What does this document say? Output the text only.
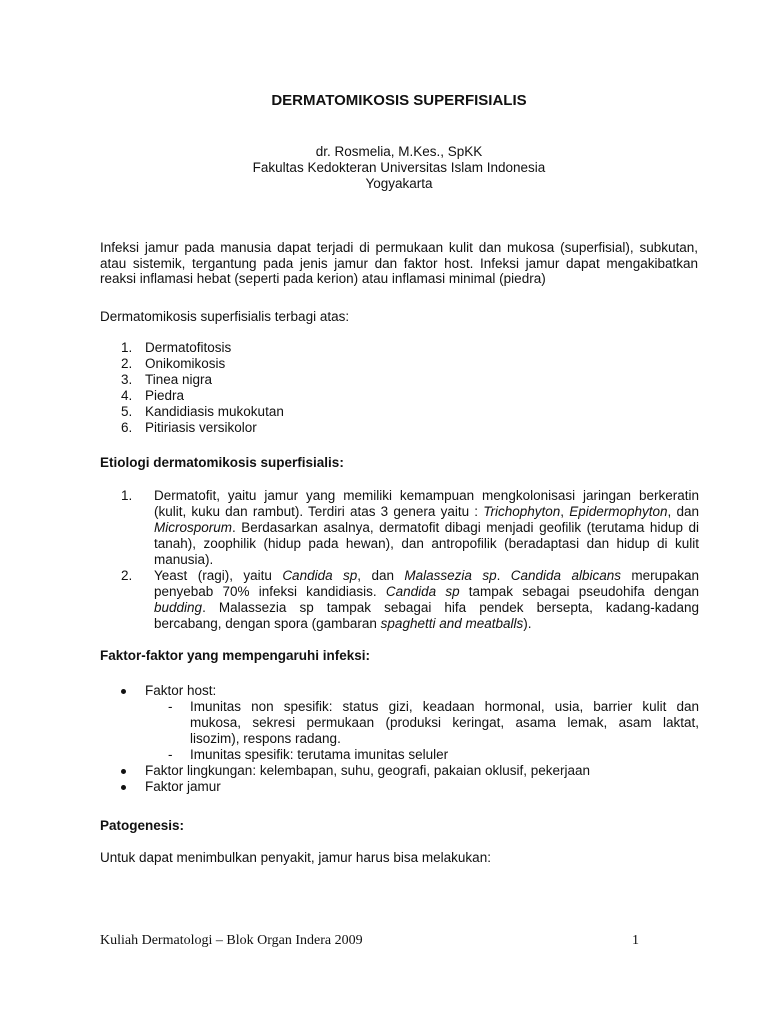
DERMATOMIKOSIS SUPERFISIALIS
dr. Rosmelia, M.Kes., SpKK
Fakultas Kedokteran Universitas Islam Indonesia
Yogyakarta
Infeksi jamur pada manusia dapat terjadi di permukaan kulit dan mukosa (superfisial), subkutan,
atau sistemik, tergantung pada jenis jamur dan faktor host. Infeksi jamur dapat mengakibatkan
reaksi inflamasi hebat (seperti pada kerion) atau inflamasi minimal (piedra)
Dermatomikosis superfisialis terbagi atas:
1. Dermatofitosis
2. Onikomikosis
3. Tinea nigra
4. Piedra
5. Kandidiasis mukokutan
6. Pitiriasis versikolor
Etiologi dermatomikosis superfisialis:
1. Dermatofit, yaitu jamur yang memiliki kemampuan mengkolonisasi jaringan berkeratin
(kulit, kuku dan rambut). Terdiri atas 3 genera yaitu : Trichophyton, Epidermophyton, dan
Microsporum. Berdasarkan asalnya, dermatofit dibagi menjadi geofilik (terutama hidup di
tanah), zoophilik (hidup pada hewan), dan antropofilik (beradaptasi dan hidup di kulit
manusia).
2. Yeast (ragi), yaitu Candida sp, dan Malassezia sp. Candida albicans merupakan
penyebab 70% infeksi kandidiasis. Candida sp tampak sebagai pseudohifa dengan
budding. Malassezia sp tampak sebagai hifa pendek bersepta, kadang-kadang
bercabang, dengan spora (gambaran spaghetti and meatballs).
Faktor-faktor yang mempengaruhi infeksi:
Faktor host:
- Imunitas non spesifik: status gizi, keadaan hormonal, usia, barrier kulit dan
mukosa, sekresi permukaan (produksi keringat, asama lemak, asam laktat,
lisozim), respons radang.
- Imunitas spesifik: terutama imunitas seluler
Faktor lingkungan: kelembapan, suhu, geografi, pakaian oklusif, pekerjaan
Faktor jamur
Patogenesis:
Untuk dapat menimbulkan penyakit, jamur harus bisa melakukan:
Kuliah Dermatologi – Blok Organ Indera 2009	1
